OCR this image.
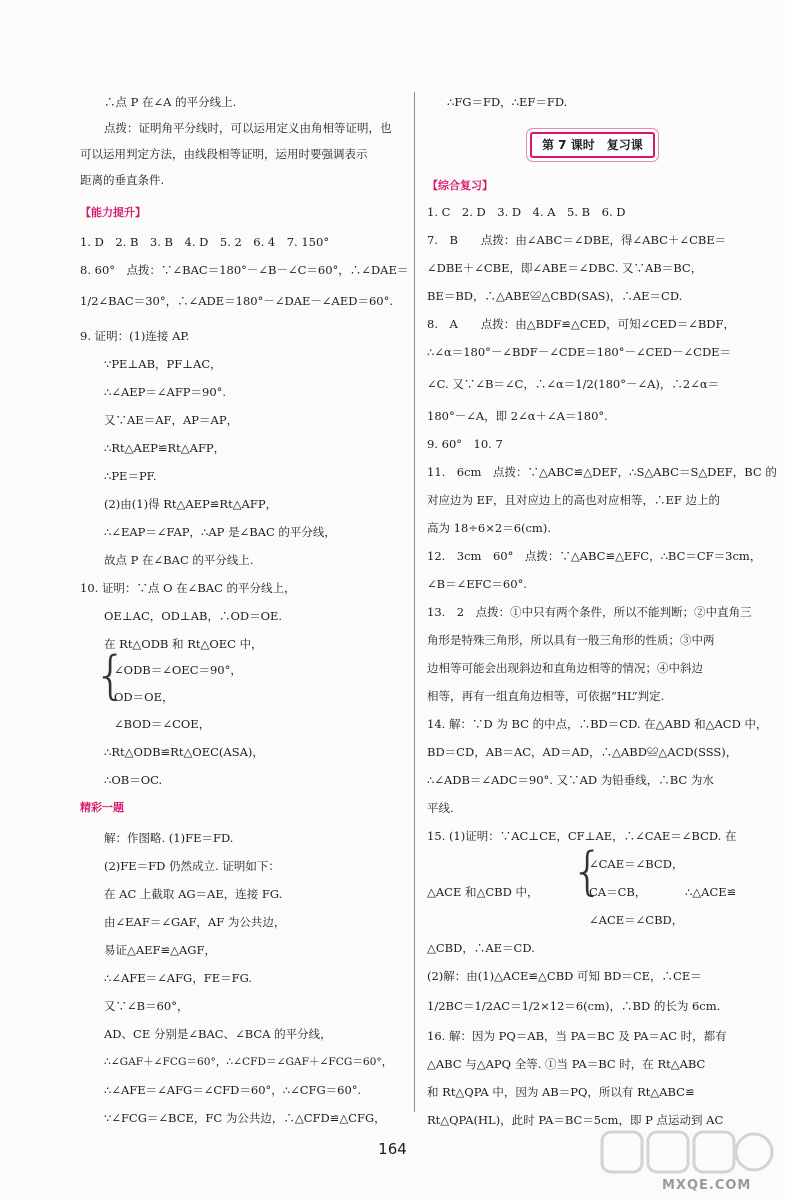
∴点 P 在∠A 的平分线上.
点拨：证明角平分线时，可以运用定义由角相等证明，也
可以运用判定方法，由线段相等证明，运用时要强调表示
距离的垂直条件.
【能力提升】
1. D　2. B　3. B　4. D　5. 2　6. 4　7. 150°
8. 60°　点拨：∵∠BAC＝180°－∠B－∠C＝60°，∴∠DAE＝
1/2∠BAC＝30°，∴∠ADE＝180°－∠DAE－∠AED＝60°.
9. 证明：(1)连接 AP.
∵PE⊥AB，PF⊥AC，
∴∠AEP＝∠AFP＝90°.
又∵AE＝AF，AP＝AP，
∴Rt△AEP≌Rt△AFP，
∴PE＝PF.
(2)由(1)得 Rt△AEP≌Rt△AFP，
∴∠EAP＝∠FAP，∴AP 是∠BAC 的平分线，
故点 P 在∠BAC 的平分线上.
10. 证明：∵点 O 在∠BAC 的平分线上，
OE⊥AC，OD⊥AB，∴OD＝OE.
在 Rt△ODB 和 Rt△OEC 中，
{
∠ODB＝∠OEC＝90°，
OD＝OE，
∠BOD＝∠COE，
∴Rt△ODB≌Rt△OEC(ASA)，
∴OB＝OC.
精彩一题
解：作图略. (1)FE＝FD.
(2)FE＝FD 仍然成立. 证明如下：
在 AC 上截取 AG＝AE，连接 FG.
由∠EAF＝∠GAF，AF 为公共边，
易证△AEF≌△AGF，
∴∠AFE＝∠AFG，FE＝FG.
又∵∠B＝60°，
AD、CE 分别是∠BAC、∠BCA 的平分线，
∴∠GAF＋∠FCG＝60°，∴∠CFD＝∠GAF＋∠FCG＝60°，
∴∠AFE＝∠AFG＝∠CFD＝60°，∴∠CFG＝60°.
∵∠FCG＝∠BCE，FC 为公共边，∴△CFD≌△CFG，
∴FG＝FD，∴EF＝FD.
第 7 课时　复习课
【综合复习】
1. C　2. D　3. D　4. A　5. B　6. D
7.　B　　点拨：由∠ABC＝∠DBE，得∠ABC＋∠CBE＝
∠DBE＋∠CBE，即∠ABE＝∠DBC. 又∵AB＝BC，
BE＝BD，∴△ABE≌△CBD(SAS)，∴AE＝CD.
8.　A　　点拨：由△BDF≌△CED，可知∠CED＝∠BDF，
∴∠α＝180°－∠BDF－∠CDE＝180°－∠CED－∠CDE＝
∠C. 又∵∠B＝∠C，∴∠α＝1/2(180°－∠A)，∴2∠α＝
180°－∠A，即 2∠α＋∠A＝180°.
9. 60°　10. 7
11.　6cm　点拨：∵△ABC≌△DEF，∴S△ABC＝S△DEF，BC 的
对应边为 EF，且对应边上的高也对应相等，∴EF 边上的
高为 18÷6×2＝6(cm).
12.　3cm　60°　点拨：∵△ABC≌△EFC，∴BC＝CF＝3cm，
∠B＝∠EFC＝60°.
13.　2　点拨：①中只有两个条件，所以不能判断；②中直角三
角形是特殊三角形，所以具有一般三角形的性质；③中两
边相等可能会出现斜边和直角边相等的情况；④中斜边
相等，再有一组直角边相等，可依据“HL”判定.
14. 解：∵D 为 BC 的中点，∴BD＝CD. 在△ABD 和△ACD 中，
BD＝CD，AB＝AC，AD＝AD，∴△ABD≌△ACD(SSS)，
∴∠ADB＝∠ADC＝90°. 又∵AD 为铅垂线，∴BC 为水
平线.
15. (1)证明：∵AC⊥CE，CF⊥AE，∴∠CAE＝∠BCD. 在
{
∠CAE＝∠BCD，
△ACE 和△CBD 中，	CA＝CB，	∴△ACE≌
∠ACE＝∠CBD，
△CBD，∴AE＝CD.
(2)解：由(1)△ACE≌△CBD 可知 BD＝CE，∴CE＝
1/2BC＝1/2AC＝1/2×12＝6(cm)，∴BD 的长为 6cm.
16. 解：因为 PQ＝AB，当 PA＝BC 及 PA＝AC 时，都有
△ABC 与△APQ 全等. ①当 PA＝BC 时，在 Rt△ABC
和 Rt△QPA 中，因为 AB＝PQ，所以有 Rt△ABC≌
Rt△QPA(HL)，此时 PA＝BC＝5cm，即 P 点运动到 AC
164
MXQE.COM
